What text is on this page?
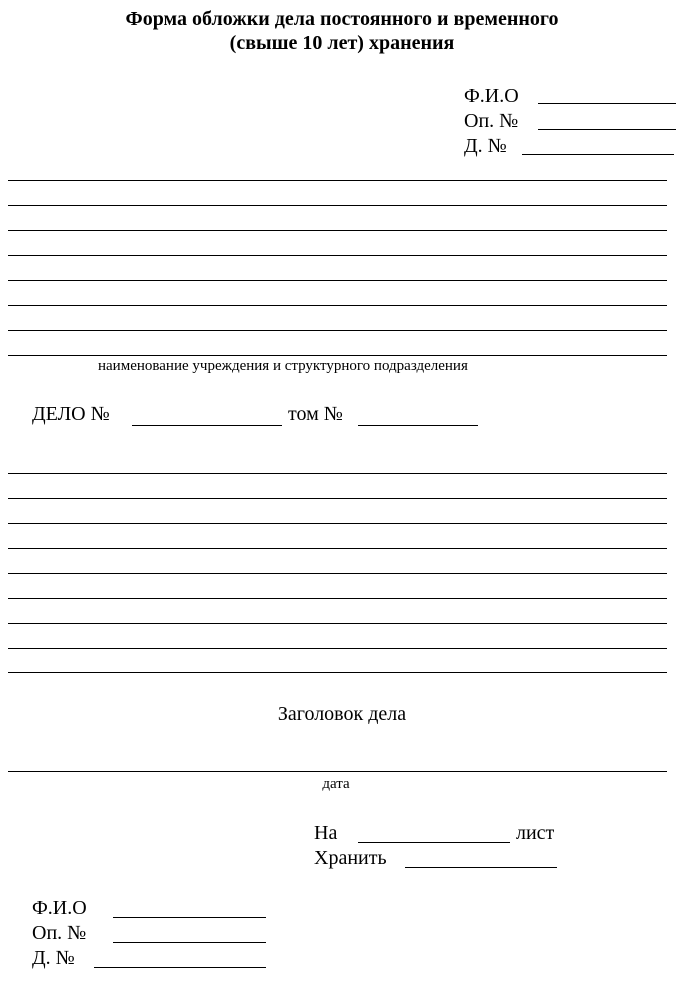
Форма обложки дела постоянного и временного
(свыше 10 лет) хранения
Ф.И.О
Оп. №
Д. №
наименование учреждения и структурного подразделения
ДЕЛО №	том №
Заголовок дела
дата
На	лист
Хранить
Ф.И.О
Оп. №
Д. №
